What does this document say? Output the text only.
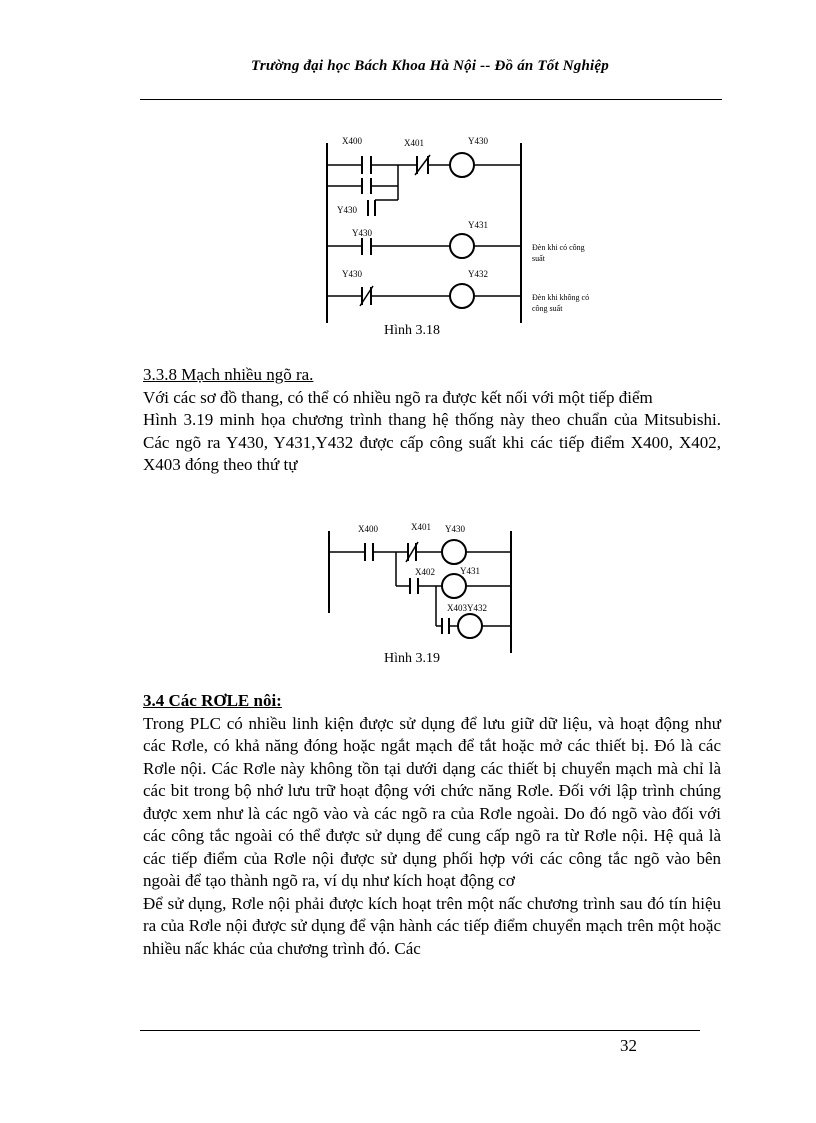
Trường đại học Bách Khoa Hà Nội -- Đồ án Tốt Nghiệp
X400	X401	Y430
Y430
Y431
Y430
Y430	Y432
Đèn khi có công
suất
Đèn khi không có
công suất
Hình 3.18

3.3.8 Mạch nhiều ngõ ra.

Với các sơ đồ thang, có thể có nhiều ngõ ra được kết nối với một tiếp điểm

Hình 3.19 minh họa chương trình thang hệ thống này theo chuẩn của Mitsubishi. Các ngõ ra Y430, Y431,Y432 được cấp công suất khi các tiếp điểm X400, X402, X403 đóng theo thứ tự

X400	X401 Y430
X402	Y431
X403Y432
Hình 3.19

3.4 Các RƠLE nôi:

Trong PLC có nhiều linh kiện được sử dụng để lưu giữ dữ liệu, và hoạt động như các Rơle, có khả năng đóng hoặc ngắt mạch để tắt hoặc mở các thiết bị. Đó là các Rơle nội. Các Rơle này không tồn tại dưới dạng các thiết bị chuyển mạch mà chỉ là các bit trong bộ nhớ lưu trữ hoạt động với chức năng Rơle. Đối với lập trình chúng được xem như là các ngõ vào và các ngõ ra của Rơle ngoài. Do đó ngõ vào đối với các công tắc ngoài có thể được sử dụng để cung cấp ngõ ra từ Rơle nội. Hệ quả là các tiếp điểm của Rơle nội được sử dụng phối hợp với các công tắc ngõ vào bên ngoài để tạo thành ngõ ra, ví dụ như kích hoạt động cơ

Để sử dụng, Rơle nội phải được kích hoạt trên một nấc chương trình sau đó tín hiệu ra của Rơle nội được sử dụng để vận hành các tiếp điểm chuyển mạch trên một hoặc nhiều nấc khác của chương trình đó. Các

32
